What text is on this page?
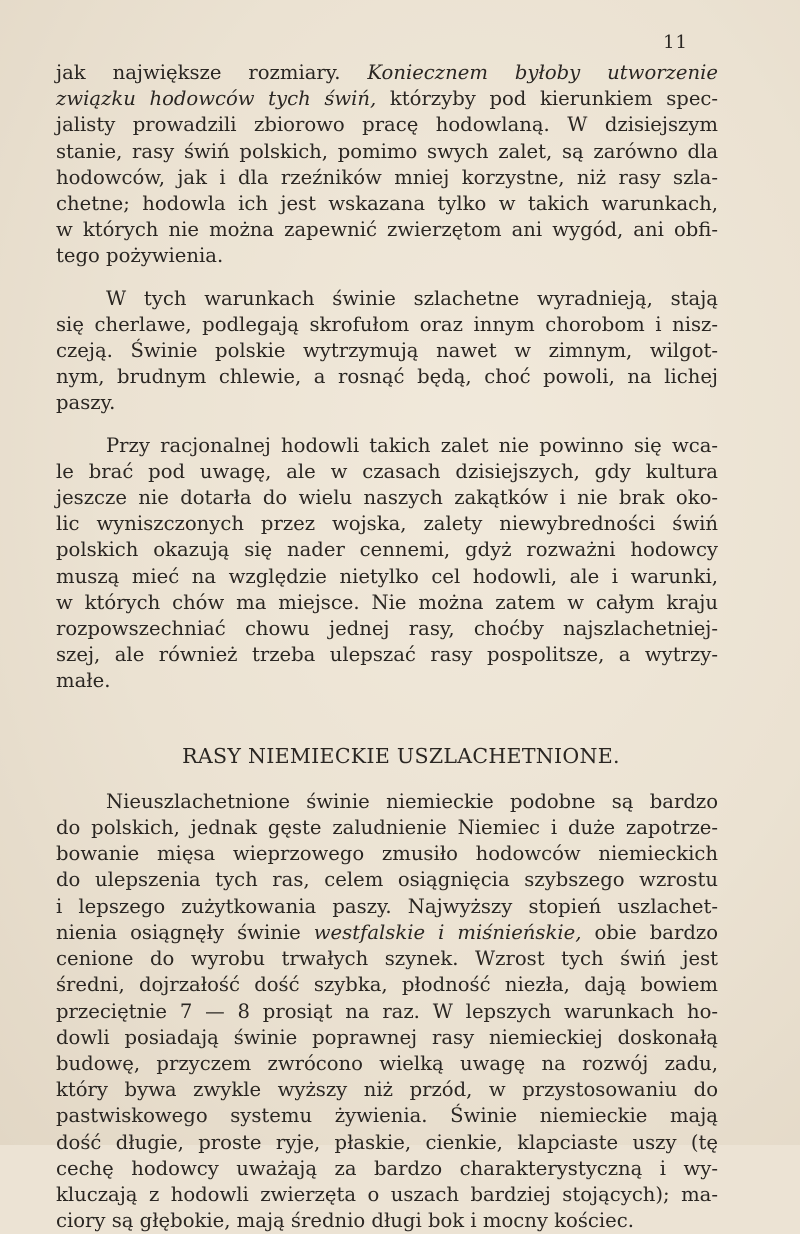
11
jak największe rozmiary. Koniecznem byłoby utworzenie
związku hodowców tych świń, którzyby pod kierunkiem spec-
jalisty prowadzili zbiorowo pracę hodowlaną. W dzisiejszym
stanie, rasy świń polskich, pomimo swych zalet, są zarówno dla
hodowców, jak i dla rzeźników mniej korzystne, niż rasy szla-
chetne; hodowla ich jest wskazana tylko w takich warunkach,
w których nie można zapewnić zwierzętom ani wygód, ani obfi-
tego pożywienia.
W tych warunkach świnie szlachetne wyradnieją, stają
się cherlawe, podlegają skrofułom oraz innym chorobom i nisz-
czeją. Świnie polskie wytrzymują nawet w zimnym, wilgot-
nym, brudnym chlewie, a rosnąć będą, choć powoli, na lichej
paszy.
Przy racjonalnej hodowli takich zalet nie powinno się wca-
le brać pod uwagę, ale w czasach dzisiejszych, gdy kultura
jeszcze nie dotarła do wielu naszych zakątków i nie brak oko-
lic wyniszczonych przez wojska, zalety niewybredności świń
polskich okazują się nader cennemi, gdyż rozważni hodowcy
muszą mieć na względzie nietylko cel hodowli, ale i warunki,
w których chów ma miejsce. Nie można zatem w całym kraju
rozpowszechniać chowu jednej rasy, choćby najszlachetniej-
szej, ale również trzeba ulepszać rasy pospolitsze, a wytrzy-
małe.
RASY NIEMIECKIE USZLACHETNIONE.
Nieuszlachetnione świnie niemieckie podobne są bardzo
do polskich, jednak gęste zaludnienie Niemiec i duże zapotrze-
bowanie mięsa wieprzowego zmusiło hodowców niemieckich
do ulepszenia tych ras, celem osiągnięcia szybszego wzrostu
i lepszego zużytkowania paszy. Najwyższy stopień uszlachet-
nienia osiągnęły świnie westfalskie i miśnieńskie, obie bardzo
cenione do wyrobu trwałych szynek. Wzrost tych świń jest
średni, dojrzałość dość szybka, płodność niezła, dają bowiem
przeciętnie 7 — 8 prosiąt na raz. W lepszych warunkach ho-
dowli posiadają świnie poprawnej rasy niemieckiej doskonałą
budowę, przyczem zwrócono wielką uwagę na rozwój zadu,
który bywa zwykle wyższy niż przód, w przystosowaniu do
pastwiskowego systemu żywienia. Świnie niemieckie mają
dość długie, proste ryje, płaskie, cienkie, klapciaste uszy (tę
cechę hodowcy uważają za bardzo charakterystyczną i wy-
kluczają z hodowli zwierzęta o uszach bardziej stojących); ma-
ciory są głębokie, mają średnio długi bok i mocny kościec.
